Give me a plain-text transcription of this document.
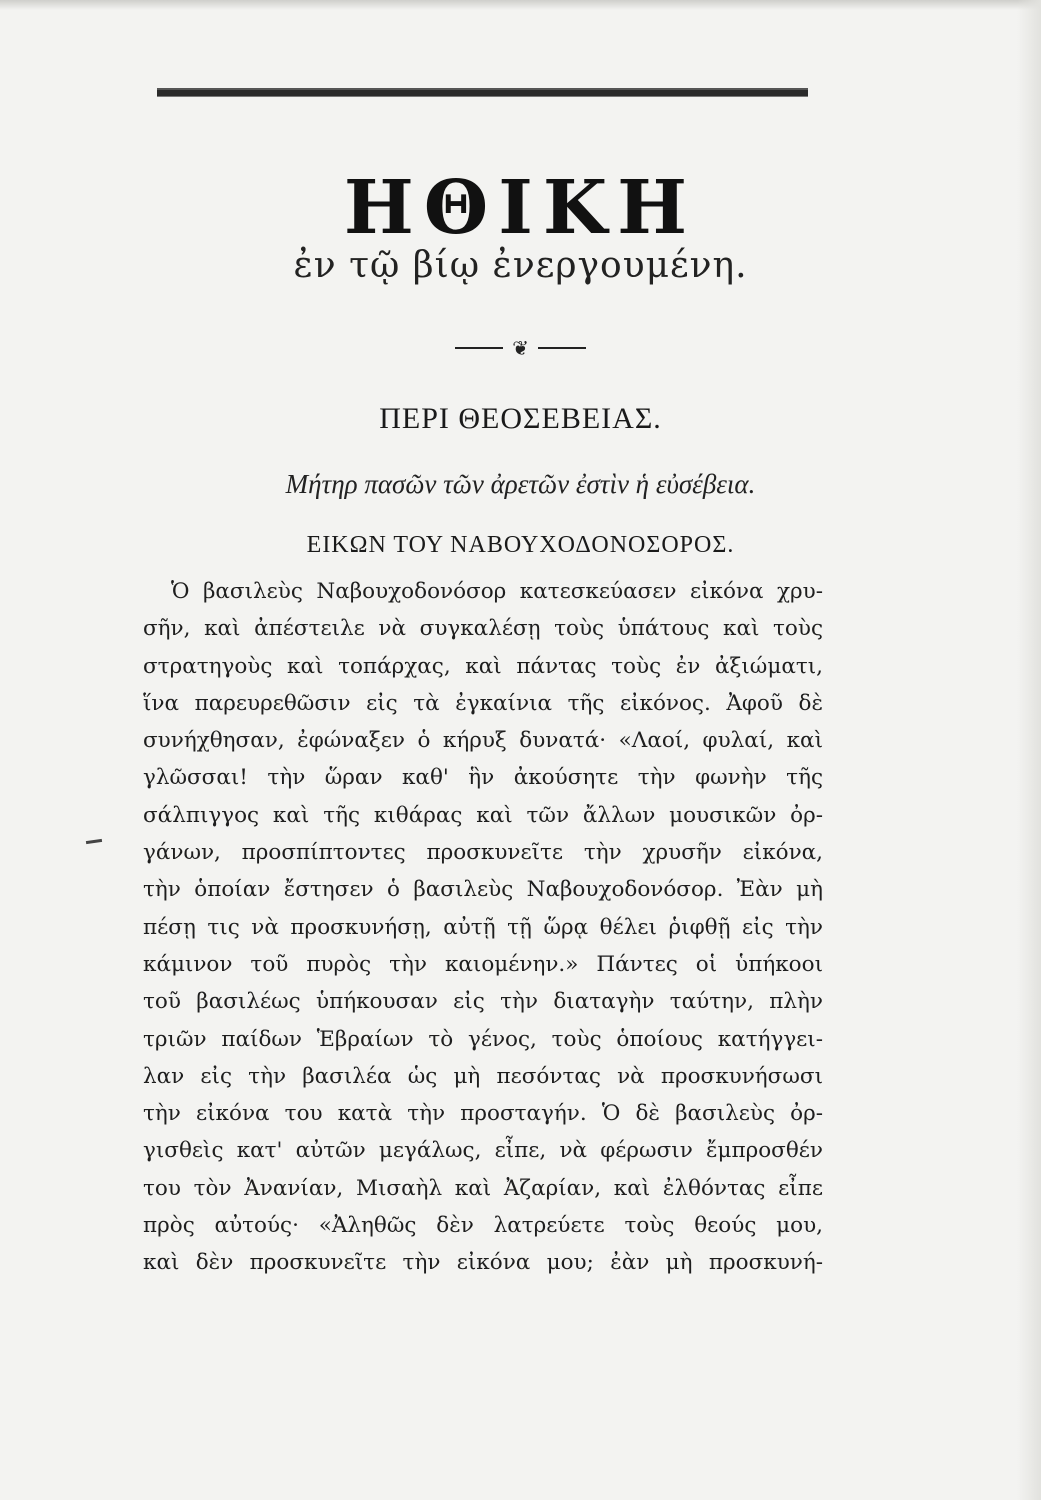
ΗΘΙΚΗ
ἐν τῷ βίῳ ἐνεργουμένη.
❦
ΠΕΡΙ ΘΕΟΣΕΒΕΙΑΣ.
Μήτηρ πασῶν τῶν ἀρετῶν ἐστὶν ἡ εὐσέβεια.
ΕΙΚΩΝ ΤΟΥ ΝΑΒΟΥΧΟΔΟΝΟΣΟΡΟΣ.
Ὁ βασιλεὺς Ναβουχοδονόσορ κατεσκεύασεν εἰκόνα χρυ-
σῆν, καὶ ἀπέστειλε νὰ συγκαλέσῃ τοὺς ὑπάτους καὶ τοὺς
στρατηγοὺς καὶ τοπάρχας, καὶ πάντας τοὺς ἐν ἀξιώματι,
ἵνα παρευρεθῶσιν εἰς τὰ ἐγκαίνια τῆς εἰκόνος. Ἀφοῦ δὲ
συνήχθησαν, ἐφώναξεν ὁ κήρυξ δυνατά· «Λαοί, φυλαί, καὶ
γλῶσσαι! τὴν ὥραν καθ' ἣν ἀκούσητε τὴν φωνὴν τῆς
σάλπιγγος καὶ τῆς κιθάρας καὶ τῶν ἄλλων μουσικῶν ὀρ-
γάνων, προσπίπτοντες προσκυνεῖτε τὴν χρυσῆν εἰκόνα,
τὴν ὁποίαν ἔστησεν ὁ βασιλεὺς Ναβουχοδονόσορ. Ἐὰν μὴ
πέσῃ τις νὰ προσκυνήσῃ, αὐτῇ τῇ ὥρᾳ θέλει ῥιφθῇ εἰς τὴν
κάμινον τοῦ πυρὸς τὴν καιομένην.» Πάντες οἱ ὑπήκοοι
τοῦ βασιλέως ὑπήκουσαν εἰς τὴν διαταγὴν ταύτην, πλὴν
τριῶν παίδων Ἑβραίων τὸ γένος, τοὺς ὁποίους κατήγγει-
λαν εἰς τὴν βασιλέα ὡς μὴ πεσόντας νὰ προσκυνήσωσι
τὴν εἰκόνα του κατὰ τὴν προσταγήν. Ὁ δὲ βασιλεὺς ὀρ-
γισθεὶς κατ' αὐτῶν μεγάλως, εἶπε, νὰ φέρωσιν ἔμπροσθέν
του τὸν Ἀνανίαν, Μισαὴλ καὶ Ἀζαρίαν, καὶ ἐλθόντας εἶπε
πρὸς αὐτούς· «Ἀληθῶς δὲν λατρεύετε τοὺς θεούς μου,
καὶ δὲν προσκυνεῖτε τὴν εἰκόνα μου; ἐὰν μὴ προσκυνή-
